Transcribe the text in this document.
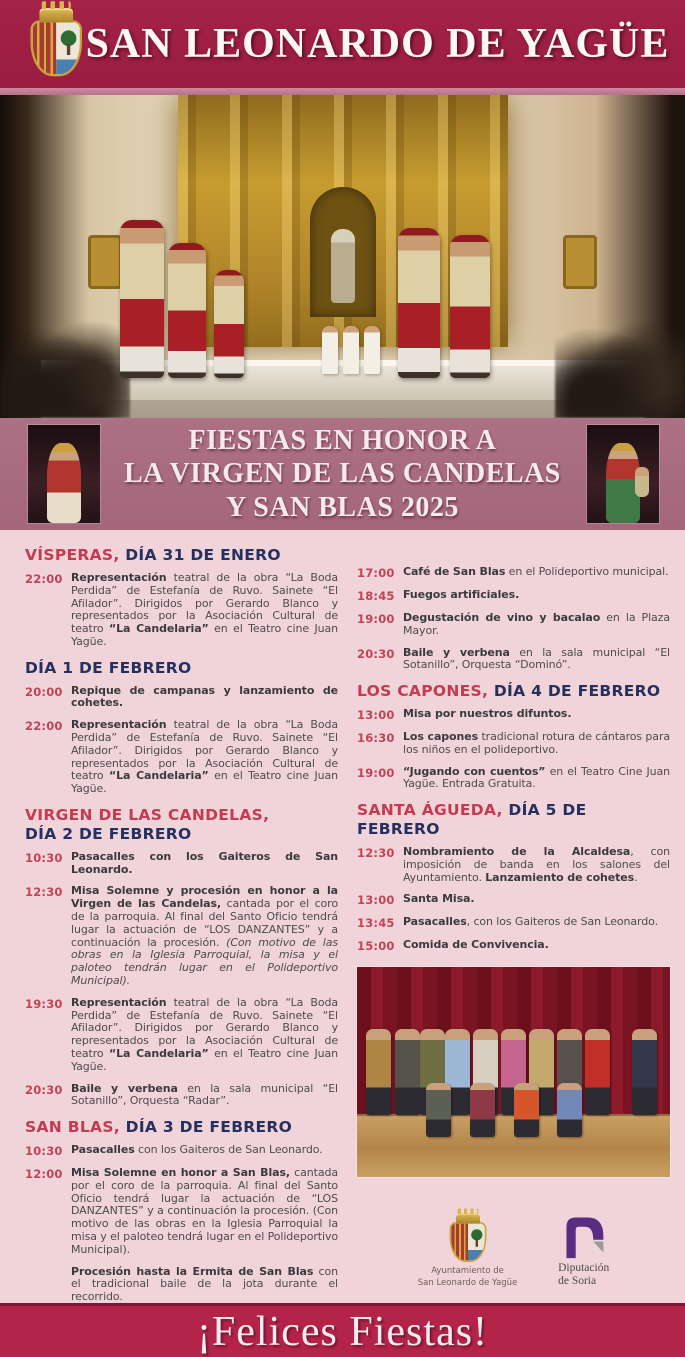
SAN LEONARDO DE YAGÜE
FIESTAS EN HONOR A
LA VIRGEN DE LAS CANDELAS
Y SAN BLAS 2025
VÍSPERAS, DÍA 31 DE ENERO
22:00 Representación teatral de la obra “La Boda Perdida” de Estefanía de Ruvo. Sainete “El Afilador”. Dirigidos por Gerardo Blanco y representados por la Asociación Cultural de teatro “La Candelaria” en el Teatro cine Juan Yagüe.

DÍA 1 DE FEBRERO
20:00 Repique de campanas y lanzamiento de cohetes.

22:00 Representación teatral de la obra “La Boda Perdida” de Estefanía de Ruvo. Sainete “El Afilador”. Dirigidos por Gerardo Blanco y representados por la Asociación Cultural de teatro “La Candelaria” en el Teatro cine Juan Yagüe.

VIRGEN DE LAS CANDELAS,
DÍA 2 DE FEBRERO
10:30 Pasacalles con los Gaiteros de San Leonardo.

12:30 Misa Solemne y procesión en honor a la Virgen de las Candelas, cantada por el coro de la parroquia. Al final del Santo Oficio tendrá lugar la actuación de “LOS DANZANTES” y a continuación la procesión. (Con motivo de las obras en la Iglesia Parroquial, la misa y el paloteo tendrán lugar en el Polideportivo Municipal).

19:30 Representación teatral de la obra “La Boda Perdida” de Estefanía de Ruvo. Sainete “El Afilador”. Dirigidos por Gerardo Blanco y representados por la Asociación Cultural de teatro “La Candelaria” en el Teatro cine Juan Yagüe.

20:30 Baile y verbena en la sala municipal “El Sotanillo”, Orquesta “Radar”.

SAN BLAS, DÍA 3 DE FEBRERO
10:30 Pasacalles con los Gaiteros de San Leonardo.

12:00 Misa Solemne en honor a San Blas, cantada por el coro de la parroquia. Al final del Santo Oficio tendrá lugar la actuación de “LOS DANZANTES” y a continuación la procesión. (Con motivo de las obras en la Iglesia Parroquial la misa y el paloteo tendrá lugar en el Polideportivo Municipal).

Procesión hasta la Ermita de San Blas con el tradicional baile de la jota durante el recorrido.

17:00 Café de San Blas en el Polideportivo municipal.

18:45 Fuegos artificiales.

19:00 Degustación de vino y bacalao en la Plaza Mayor.

20:30 Baile y verbena en la sala municipal “El Sotanillo”, Orquesta “Dominó”.

LOS CAPONES, DÍA 4 DE FEBRERO
13:00 Misa por nuestros difuntos.

16:30 Los capones tradicional rotura de cántaros para los niños en el polideportivo.

19:00 “Jugando con cuentos” en el Teatro Cine Juan Yagüe. Entrada Gratuita.

SANTA ÁGUEDA, DÍA 5 DE FEBRERO
12:30 Nombramiento de la Alcaldesa, con imposición de banda en los salones del Ayuntamiento. Lanzamiento de cohetes.

13:00 Santa Misa.

13:45 Pasacalles, con los Gaiteros de San Leonardo.

15:00 Comida de Convivencia.

Ayuntamiento de
San Leonardo de Yagüe
Diputación
de Soria
¡Felices Fiestas!
